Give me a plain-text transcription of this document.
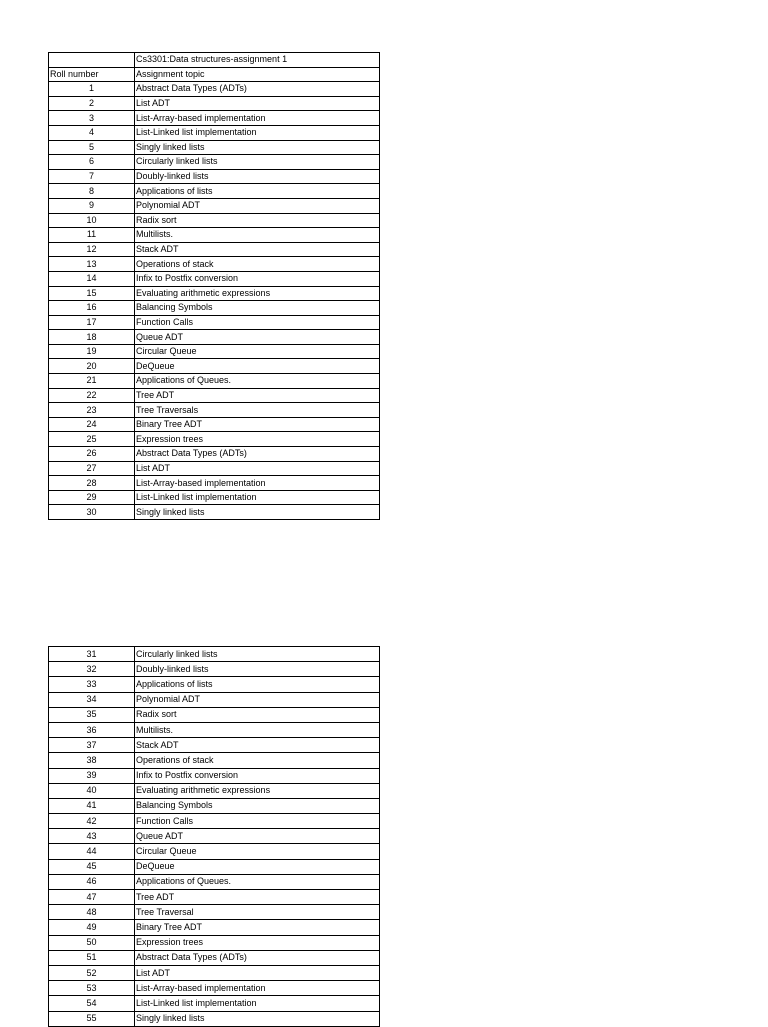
	Cs3301:Data structures-assignment 1
Roll number	Assignment topic
1	Abstract Data Types (ADTs)
2	List ADT
3	List-Array-based implementation
4	List-Linked list implementation
5	Singly linked lists
6	Circularly linked lists
7	Doubly-linked lists
8	Applications of lists
9	Polynomial ADT
10	Radix sort
11	Multilists.
12	Stack ADT
13	Operations of stack
14	Infix to Postfix conversion
15	Evaluating arithmetic expressions
16	Balancing Symbols
17	Function Calls
18	Queue ADT
19	Circular Queue
20	DeQueue
21	Applications of Queues.
22	Tree ADT
23	Tree Traversals
24	Binary Tree ADT
25	Expression trees
26	Abstract Data Types (ADTs)
27	List ADT
28	List-Array-based implementation
29	List-Linked list implementation
30	Singly linked lists
31	Circularly linked lists
32	Doubly-linked lists
33	Applications of lists
34	Polynomial ADT
35	Radix sort
36	Multilists.
37	Stack ADT
38	Operations of stack
39	Infix to Postfix conversion
40	Evaluating arithmetic expressions
41	Balancing Symbols
42	Function Calls
43	Queue ADT
44	Circular Queue
45	DeQueue
46	Applications of Queues.
47	Tree ADT
48	Tree Traversal
49	Binary Tree ADT
50	Expression trees
51	Abstract Data Types (ADTs)
52	List ADT
53	List-Array-based implementation
54	List-Linked list implementation
55	Singly linked lists
